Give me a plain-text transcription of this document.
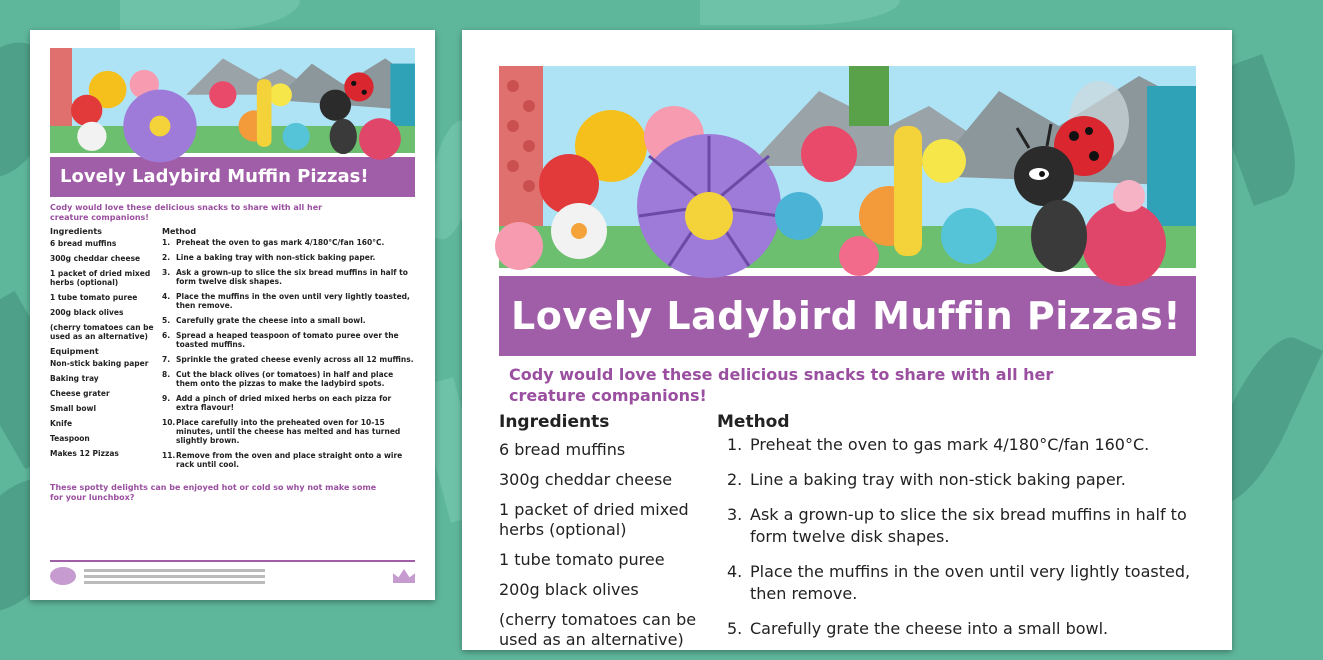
Lovely Ladybird Muffin Pizzas!
Cody would love these delicious snacks to share with all her creature companions!
Ingredients
6 bread muffins
300g cheddar cheese
1 packet of dried mixed herbs (optional)
1 tube tomato puree
200g black olives
(cherry tomatoes can be used as an alternative)
Equipment
Non-stick baking paper
Baking tray
Cheese grater
Small bowl
Knife
Teaspoon
Makes 12 Pizzas
Method
1. Preheat the oven to gas mark 4/180°C/fan 160°C.
2. Line a baking tray with non-stick baking paper.
3. Ask a grown-up to slice the six bread muffins in half to form twelve disk shapes.
4. Place the muffins in the oven until very lightly toasted, then remove.
5. Carefully grate the cheese into a small bowl.
6. Spread a heaped teaspoon of tomato puree over the toasted muffins.
7. Sprinkle the grated cheese evenly across all 12 muffins.
8. Cut the black olives (or tomatoes) in half and place them onto the pizzas to make the ladybird spots.
9. Add a pinch of dried mixed herbs on each pizza for extra flavour!
10. Place carefully into the preheated oven for 10-15 minutes, until the cheese has melted and has turned slightly brown.
11. Remove from the oven and place straight onto a wire rack until cool.
These spotty delights can be enjoyed hot or cold so why not make some for your lunchbox?
Lovely Ladybird Muffin Pizzas!
Cody would love these delicious snacks to share with all her creature companions!
Ingredients
6 bread muffins
300g cheddar cheese
1 packet of dried mixed herbs (optional)
1 tube tomato puree
200g black olives
(cherry tomatoes can be used as an alternative)
Method
1. Preheat the oven to gas mark 4/180°C/fan 160°C.
2. Line a baking tray with non-stick baking paper.
3. Ask a grown-up to slice the six bread muffins in half to form twelve disk shapes.
4. Place the muffins in the oven until very lightly toasted, then remove.
5. Carefully grate the cheese into a small bowl.
